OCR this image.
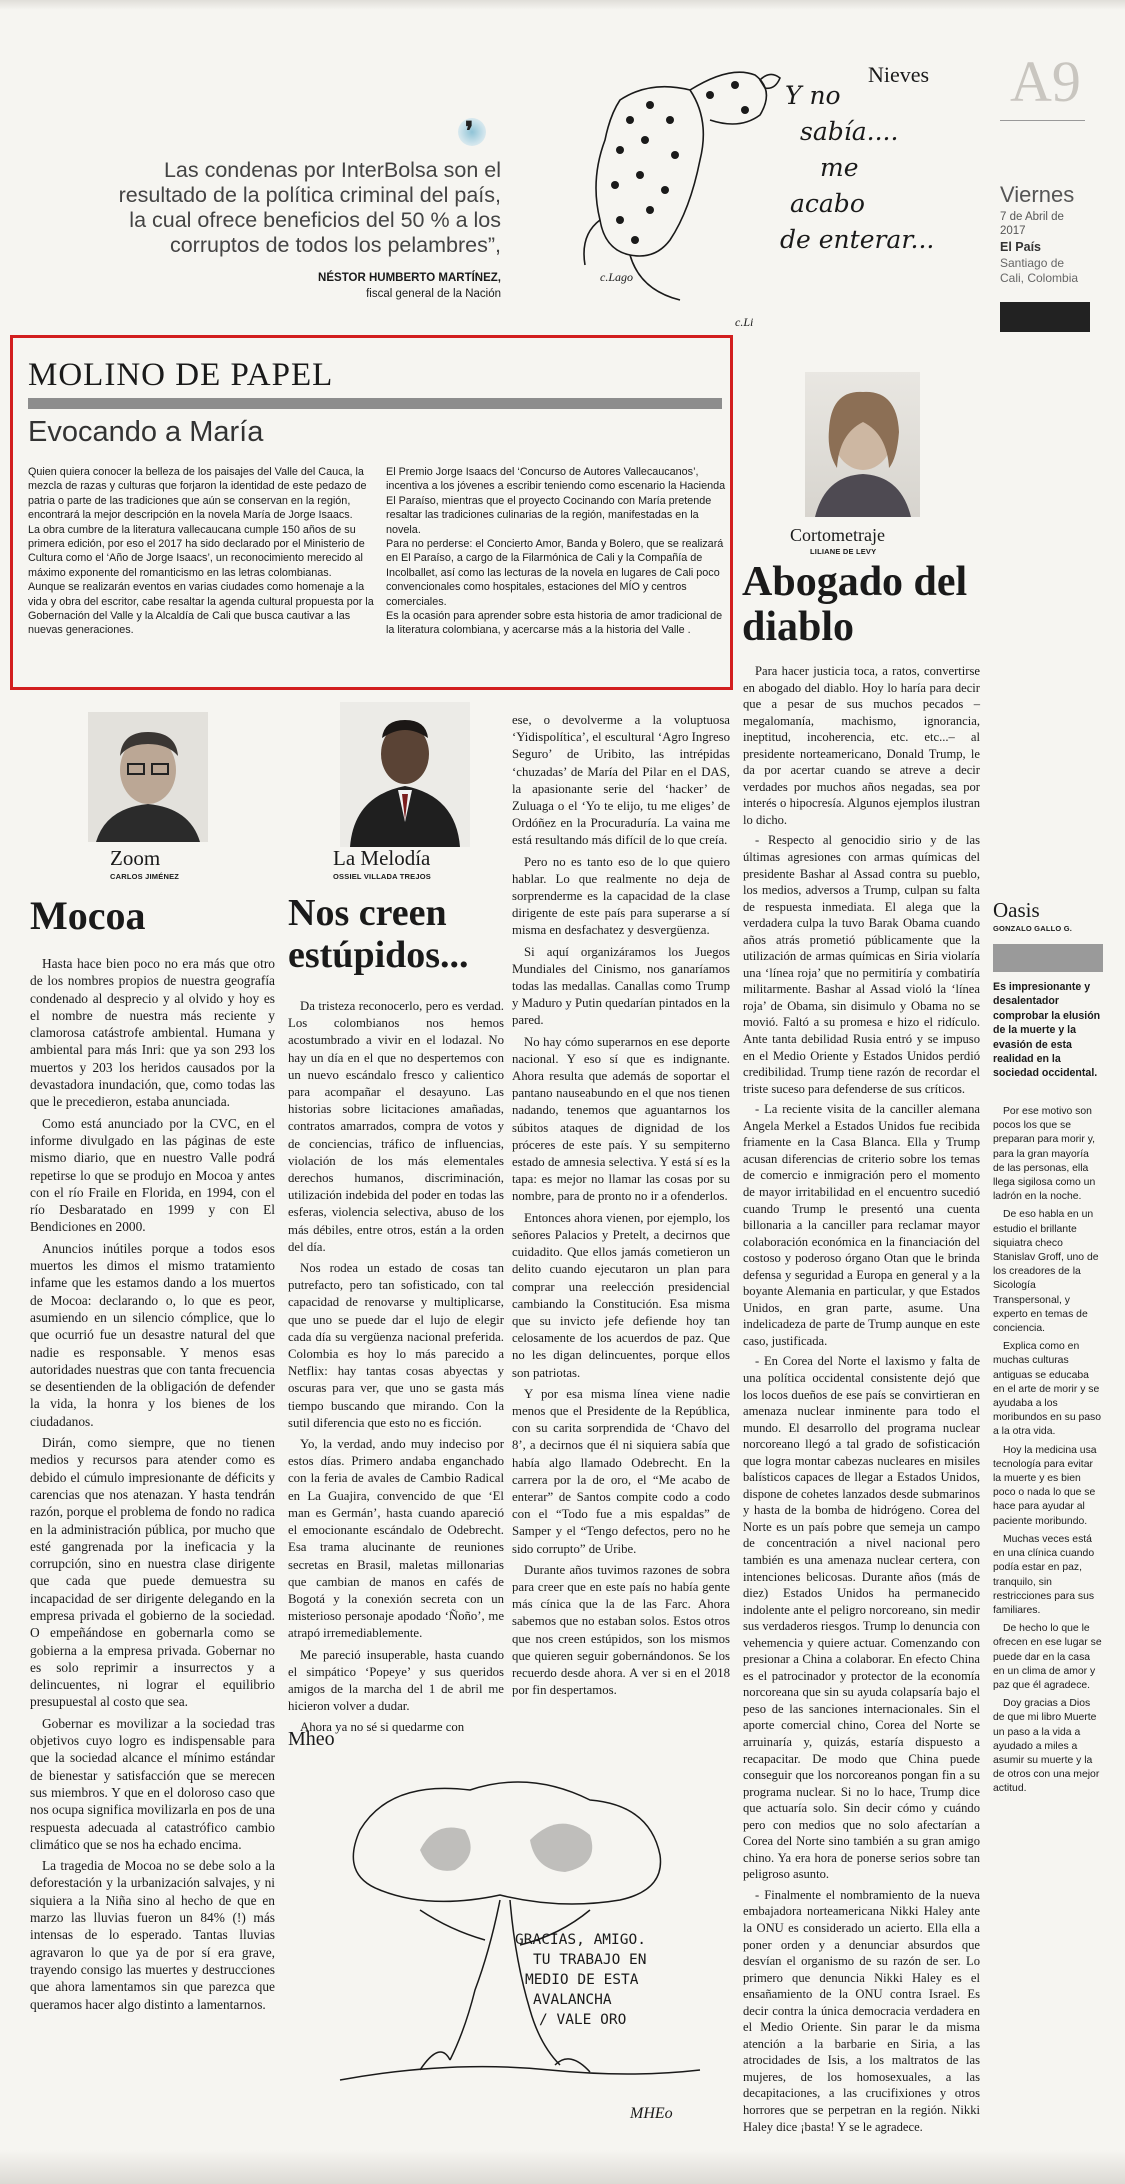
❜
Las condenas por InterBolsa son el resultado de la política criminal del país, la cual ofrece beneficios del 50 % a los corruptos de todos los pelambres”,
NÉSTOR HUMBERTO MARTÍNEZ,
fiscal general de la Nación
Y no
sabía....
me
acabo
de enterar...
c.Lago
c.Li
Nieves A9
Viernes
7 de Abril de 2017
El País
Santiago de Cali, Colombia
MOLINO DE PAPEL
Evocando a María

Quien quiera conocer la belleza de los paisajes del Valle del Cauca, la mezcla de razas y culturas que forjaron la identidad de este pedazo de patria o parte de las tradiciones que aún se conservan en la región, encontrará la mejor descripción en la novela María de Jorge Isaacs.

La obra cumbre de la literatura vallecaucana cumple 150 años de su primera edición, por eso el 2017 ha sido declarado por el Ministerio de Cultura como el ‘Año de Jorge Isaacs’, un reconocimiento merecido al máximo exponente del romanticismo en las letras colombianas.

Aunque se realizarán eventos en varias ciudades como homenaje a la vida y obra del escritor, cabe resaltar la agenda cultural propuesta por la Gobernación del Valle y la Alcaldía de Cali que busca cautivar a las nuevas generaciones.

El Premio Jorge Isaacs del ‘Concurso de Autores Vallecaucanos’, incentiva a los jóvenes a escribir teniendo como escenario la Hacienda El Paraíso, mientras que el proyecto Cocinando con María pretende resaltar las tradiciones culinarias de la región, manifestadas en la novela.

Para no perderse: el Concierto Amor, Banda y Bolero, que se realizará en El Paraíso, a cargo de la Filarmónica de Cali y la Compañía de Incolballet, así como las lecturas de la novela en lugares de Cali poco convencionales como hospitales, estaciones del MÍO y centros comerciales.

Es la ocasión para aprender sobre esta historia de amor tradicional de la literatura colombiana, y acercarse más a la historia del Valle .

Cortometraje
LILIANE DE LEVY
Abogado del diablo

Para hacer justicia toca, a ratos, convertirse en abogado del diablo. Hoy lo haría para decir que a pesar de sus muchos pecados –megalomanía, machismo, ignorancia, ineptitud, incoherencia, etc. etc...– al presidente norteamericano, Donald Trump, le da por acertar cuando se atreve a decir verdades por muchos años negadas, sea por interés o hipocresía. Algunos ejemplos ilustran lo dicho.

- Respecto al genocidio sirio y de las últimas agresiones con armas químicas del presidente Bashar al Assad contra su pueblo, los medios, adversos a Trump, culpan su falta de respuesta inmediata. El alega que la verdadera culpa la tuvo Barak Obama cuando años atrás prometió públicamente que la utilización de armas químicas en Siria violaría una ‘línea roja’ que no permitiría y combatiría militarmente. Bashar al Assad violó la ‘línea roja’ de Obama, sin disimulo y Obama no se movió. Faltó a su promesa e hizo el ridículo. Ante tanta debilidad Rusia entró y se impuso en el Medio Oriente y Estados Unidos perdió credibilidad. Trump tiene razón de recordar el triste suceso para defenderse de sus críticos.

- La reciente visita de la canciller alemana Angela Merkel a Estados Unidos fue recibida friamente en la Casa Blanca. Ella y Trump acusan diferencias de criterio sobre los temas de comercio e inmigración pero el momento de mayor irritabilidad en el encuentro sucedió cuando Trump le presentó una cuenta billonaria a la canciller para reclamar mayor colaboración económica en la financiación del costoso y poderoso órgano Otan que le brinda defensa y seguridad a Europa en general y a la boyante Alemania en particular, y que Estados Unidos, en gran parte, asume. Una indelicadeza de parte de Trump aunque en este caso, justificada.

- En Corea del Norte el laxismo y falta de una política occidental consistente dejó que los locos dueños de ese país se convirtieran en amenaza nuclear inminente para todo el mundo. El desarrollo del programa nuclear norcoreano llegó a tal grado de sofisticación que logra montar cabezas nucleares en misiles balísticos capaces de llegar a Estados Unidos, dispone de cohetes lanzados desde submarinos y hasta de la bomba de hidrógeno. Corea del Norte es un país pobre que semeja un campo de concentración a nivel nacional pero también es una amenaza nuclear certera, con intenciones belicosas. Durante años (más de diez) Estados Unidos ha permanecido indolente ante el peligro norcoreano, sin medir sus verdaderos riesgos. Trump lo denuncia con vehemencia y quiere actuar. Comenzando con presionar a China a colaborar. En efecto China es el patrocinador y protector de la economía norcoreana que sin su ayuda colapsaría bajo el peso de las sanciones internacionales. Sin el aporte comercial chino, Corea del Norte se arruinaría y, quizás, estaría dispuesto a recapacitar. De modo que China puede conseguir que los norcoreanos pongan fin a su programa nuclear. Si no lo hace, Trump dice que actuaría solo. Sin decir cómo y cuándo pero con medios que no solo afectarían a Corea del Norte sino también a su gran amigo chino. Ya era hora de ponerse serios sobre tan peligroso asunto.

- Finalmente el nombramiento de la nueva embajadora norteamericana Nikki Haley ante la ONU es considerado un acierto. Ella ella a poner orden y a denunciar absurdos que desvían el organismo de su razón de ser. Lo primero que denuncia Nikki Haley es el ensañamiento de la ONU contra Israel. Es decir contra la única democracia verdadera en el Medio Oriente. Sin parar le da misma atención a la barbarie en Siria, a las atrocidades de Isis, a los maltratos de las mujeres, de los homosexuales, a las decapitaciones, a las crucifixiones y otros horrores que se perpetran en la región. Nikki Haley dice ¡basta! Y se le agradece.

Oasis
GONZALO GALLO G.
Es impresionante y desalentador comprobar la elusión de la muerte y la evasión de esta realidad en la sociedad occidental.

Por ese motivo son pocos los que se preparan para morir y, para la gran mayoría de las personas, ella llega sigilosa como un ladrón en la noche.

De eso habla en un estudio el brillante siquiatra checo Stanislav Groff, uno de los creadores de la Sicología Transpersonal, y experto en temas de conciencia.

Explica como en muchas culturas antiguas se educaba en el arte de morir y se ayudaba a los moribundos en su paso a la otra vida.

Hoy la medicina usa tecnología para evitar la muerte y es bien poco o nada lo que se hace para ayudar al paciente moribundo.

Muchas veces está en una clínica cuando podía estar en paz, tranquilo, sin restricciones para sus familiares.

De hecho lo que le ofrecen en ese lugar se puede dar en la casa en un clima de amor y paz que él agradece.

Doy gracias a Dios de que mi libro Muerte un paso a la vida a ayudado a miles a asumir su muerte y la de otros con una mejor actitud.

Zoom
CARLOS JIMÉNEZ
Mocoa

Hasta hace bien poco no era más que otro de los nombres propios de nuestra geografía condenado al desprecio y al olvido y hoy es el nombre de nuestra más reciente y clamorosa catástrofe ambiental. Humana y ambiental para más Inri: que ya son 293 los muertos y 203 los heridos causados por la devastadora inundación, que, como todas las que le precedieron, estaba anunciada.

Como está anunciado por la CVC, en el informe divulgado en las páginas de este mismo diario, que en nuestro Valle podrá repetirse lo que se produjo en Mocoa y antes con el río Fraile en Florida, en 1994, con el río Desbaratado en 1999 y con El Bendiciones en 2000.

Anuncios inútiles porque a todos esos muertos les dimos el mismo tratamiento infame que les estamos dando a los muertos de Mocoa: declarando o, lo que es peor, asumiendo en un silencio cómplice, que lo que ocurrió fue un desastre natural del que nadie es responsable. Y menos esas autoridades nuestras que con tanta frecuencia se desentienden de la obligación de defender la vida, la honra y los bienes de los ciudadanos.

Dirán, como siempre, que no tienen medios y recursos para atender como es debido el cúmulo impresionante de déficits y carencias que nos atenazan. Y hasta tendrán razón, porque el problema de fondo no radica en la administración pública, por mucho que esté gangrenada por la ineficacia y la corrupción, sino en nuestra clase dirigente que cada que puede demuestra su incapacidad de ser dirigente delegando en la empresa privada el gobierno de la sociedad. O empeñándose en gobernarla como se gobierna a la empresa privada. Gobernar no es solo reprimir a insurrectos y a delincuentes, ni lograr el equilibrio presupuestal al costo que sea.

Gobernar es movilizar a la sociedad tras objetivos cuyo logro es indispensable para que la sociedad alcance el mínimo estándar de bienestar y satisfacción que se merecen sus miembros. Y que en el doloroso caso que nos ocupa significa movilizarla en pos de una respuesta adecuada al catastrófico cambio climático que se nos ha echado encima.

La tragedia de Mocoa no se debe solo a la deforestación y la urbanización salvajes, y ni siquiera a la Niña sino al hecho de que en marzo las lluvias fueron un 84% (!) más intensas de lo esperado. Tantas lluvias agravaron lo que ya de por sí era grave, trayendo consigo las muertes y destrucciones que ahora lamentamos sin que parezca que queramos hacer algo distinto a lamentarnos.

La Melodía
OSSIEL VILLADA TREJOS
Nos creen estúpidos...

Da tristeza reconocerlo, pero es verdad. Los colombianos nos hemos acostumbrado a vivir en el lodazal. No hay un día en el que no despertemos con un nuevo escándalo fresco y calientico para acompañar el desayuno. Las historias sobre licitaciones amañadas, contratos amarrados, compra de votos y de conciencias, tráfico de influencias, violación de los más elementales derechos humanos, discriminación, utilización indebida del poder en todas las esferas, violencia selectiva, abuso de los más débiles, entre otros, están a la orden del día.

Nos rodea un estado de cosas tan putrefacto, pero tan sofisticado, con tal capacidad de renovarse y multiplicarse, que uno se puede dar el lujo de elegir cada día su vergüenza nacional preferida. Colombia es hoy lo más parecido a Netflix: hay tantas cosas abyectas y oscuras para ver, que uno se gasta más tiempo buscando que mirando. Con la sutil diferencia que esto no es ficción.

Yo, la verdad, ando muy indeciso por estos días. Primero andaba enganchado con la feria de avales de Cambio Radical en La Guajira, convencido de que ‘El man es Germán’, hasta cuando apareció el emocionante escándalo de Odebrecht. Esa trama alucinante de reuniones secretas en Brasil, maletas millonarias que cambian de manos en cafés de Bogotá y la conexión secreta con un misterioso personaje apodado ‘Ñoño’, me atrapó irremediablemente.

Me pareció insuperable, hasta cuando el simpático ‘Popeye’ y sus queridos amigos de la marcha del 1 de abril me hicieron volver a dudar.

Ahora ya no sé si quedarme con

ese, o devolverme a la voluptuosa ‘Yidispolítica’, el escultural ‘Agro Ingreso Seguro’ de Uribito, las intrépidas ‘chuzadas’ de María del Pilar en el DAS, la apasionante serie del ‘hacker’ de Zuluaga o el ‘Yo te elijo, tu me eliges’ de Ordóñez en la Procuraduría. La vaina me está resultando más difícil de lo que creía.

Pero no es tanto eso de lo que quiero hablar. Lo que realmente no deja de sorprenderme es la capacidad de la clase dirigente de este país para superarse a sí misma en desfachatez y desvergüenza.

Si aquí organizáramos los Juegos Mundiales del Cinismo, nos ganaríamos todas las medallas. Canallas como Trump y Maduro y Putin quedarían pintados en la pared.

No hay cómo superarnos en ese deporte nacional. Y eso sí que es indignante. Ahora resulta que además de soportar el pantano nauseabundo en el que nos tienen nadando, tenemos que aguantarnos los súbitos ataques de dignidad de los próceres de este país. Y su sempiterno estado de amnesia selectiva. Y está sí es la tapa: es mejor no llamar las cosas por su nombre, para de pronto no ir a ofenderlos.

Entonces ahora vienen, por ejemplo, los señores Palacios y Pretelt, a decirnos que cuidadito. Que ellos jamás cometieron un delito cuando ejecutaron un plan para comprar una reelección presidencial cambiando la Constitución. Esa misma que su invicto jefe defiende hoy tan celosamente de los acuerdos de paz. Que no les digan delincuentes, porque ellos son patriotas.

Y por esa misma línea viene nadie menos que el Presidente de la República, con su carita sorprendida de ‘Chavo del 8’, a decirnos que él ni siquiera sabía que había algo llamado Odebrecht. En la carrera por la de oro, el “Me acabo de enterar” de Santos compite codo a codo con el “Todo fue a mis espaldas” de Samper y el “Tengo defectos, pero no he sido corrupto” de Uribe.

Durante años tuvimos razones de sobra para creer que en este país no había gente más cínica que la de las Farc. Ahora sabemos que no estaban solos. Estos otros que nos creen estúpidos, son los mismos que quieren seguir gobernándonos. Se los recuerdo desde ahora. A ver si en el 2018 por fin despertamos.

Mheo
GRACIAS, AMIGO.
TU TRABAJO EN
MEDIO DE ESTA
AVALANCHA
/ VALE ORO
MHEo
